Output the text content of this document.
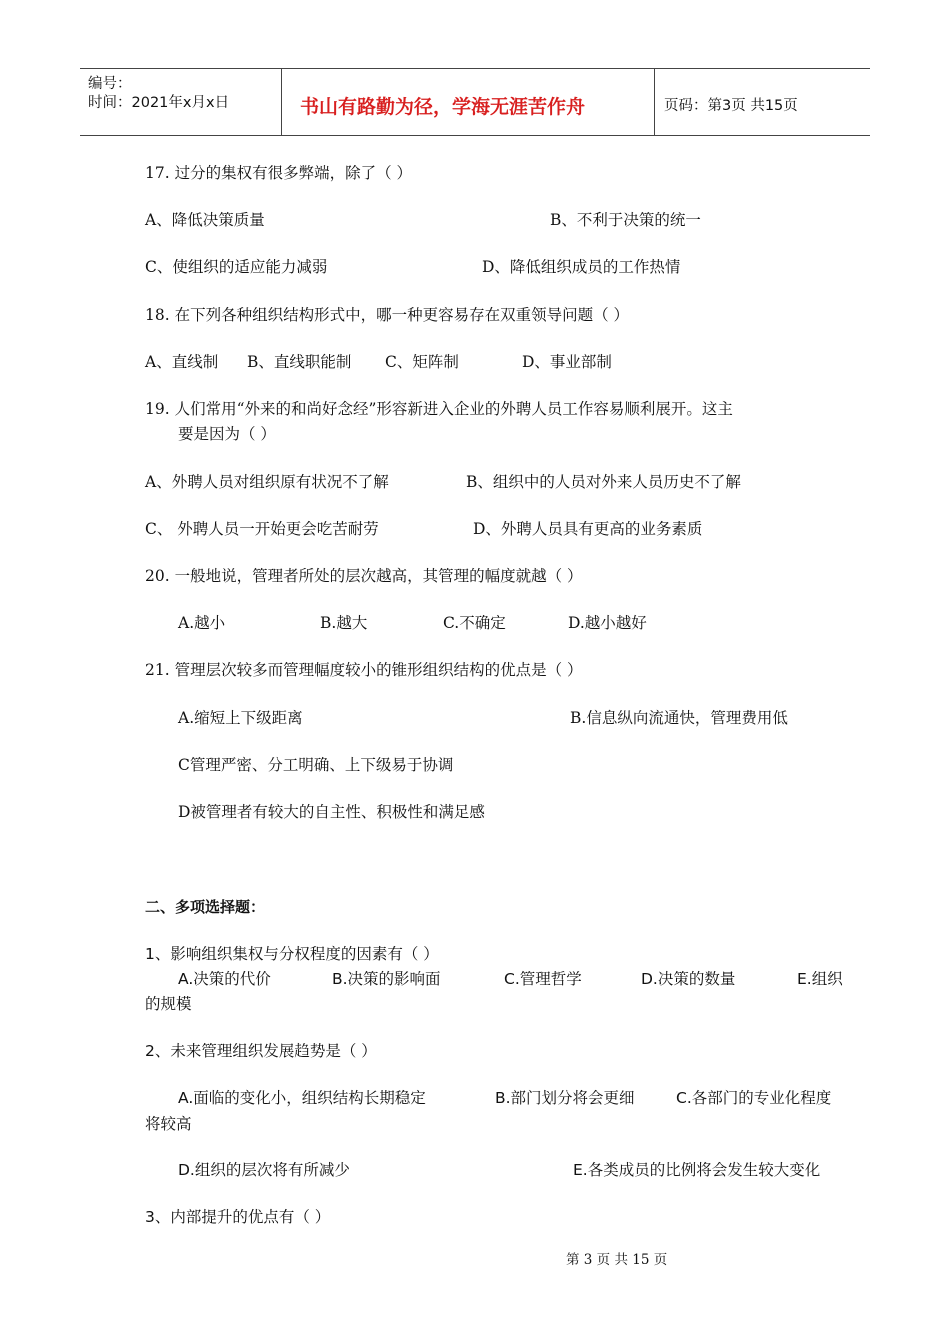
编号：
时间：2021年x月x日	书山有路勤为径，学海无涯苦作舟	页码：第3页 共15页
17. 过分的集权有很多弊端，除了（ ）
A、降低决策质量	B、不利于决策的统一
C、使组织的适应能力减弱	D、降低组织成员的工作热情
18. 在下列各种组织结构形式中，哪一种更容易存在双重领导问题（ ）
A、直线制 B、直线职能制 C、矩阵制	D、事业部制
19. 人们常用“外来的和尚好念经”形容新进入企业的外聘人员工作容易顺利展开。这主
要是因为（ ）
A、外聘人员对组织原有状况不了解	B、组织中的人员对外来人员历史不了解
C、 外聘人员一开始更会吃苦耐劳	D、外聘人员具有更高的业务素质
20. 一般地说，管理者所处的层次越高，其管理的幅度就越（ ）
A.越小	B.越大	C.不确定	D.越小越好
21. 管理层次较多而管理幅度较小的锥形组织结构的优点是（ ）
A.缩短上下级距离	B.信息纵向流通快，管理费用低
C管理严密、分工明确、上下级易于协调
D被管理者有较大的自主性、积极性和满足感
二、多项选择题：
1、影响组织集权与分权程度的因素有（ ）
A.决策的代价	B.决策的影响面	C.管理哲学	D.决策的数量	E.组织
的规模
2、未来管理组织发展趋势是（ ）
A.面临的变化小，组织结构长期稳定	B.部门划分将会更细	C.各部门的专业化程度
将较高
D.组织的层次将有所减少	E.各类成员的比例将会发生较大变化
3、内部提升的优点有（ ）
第 3 页 共 15 页
